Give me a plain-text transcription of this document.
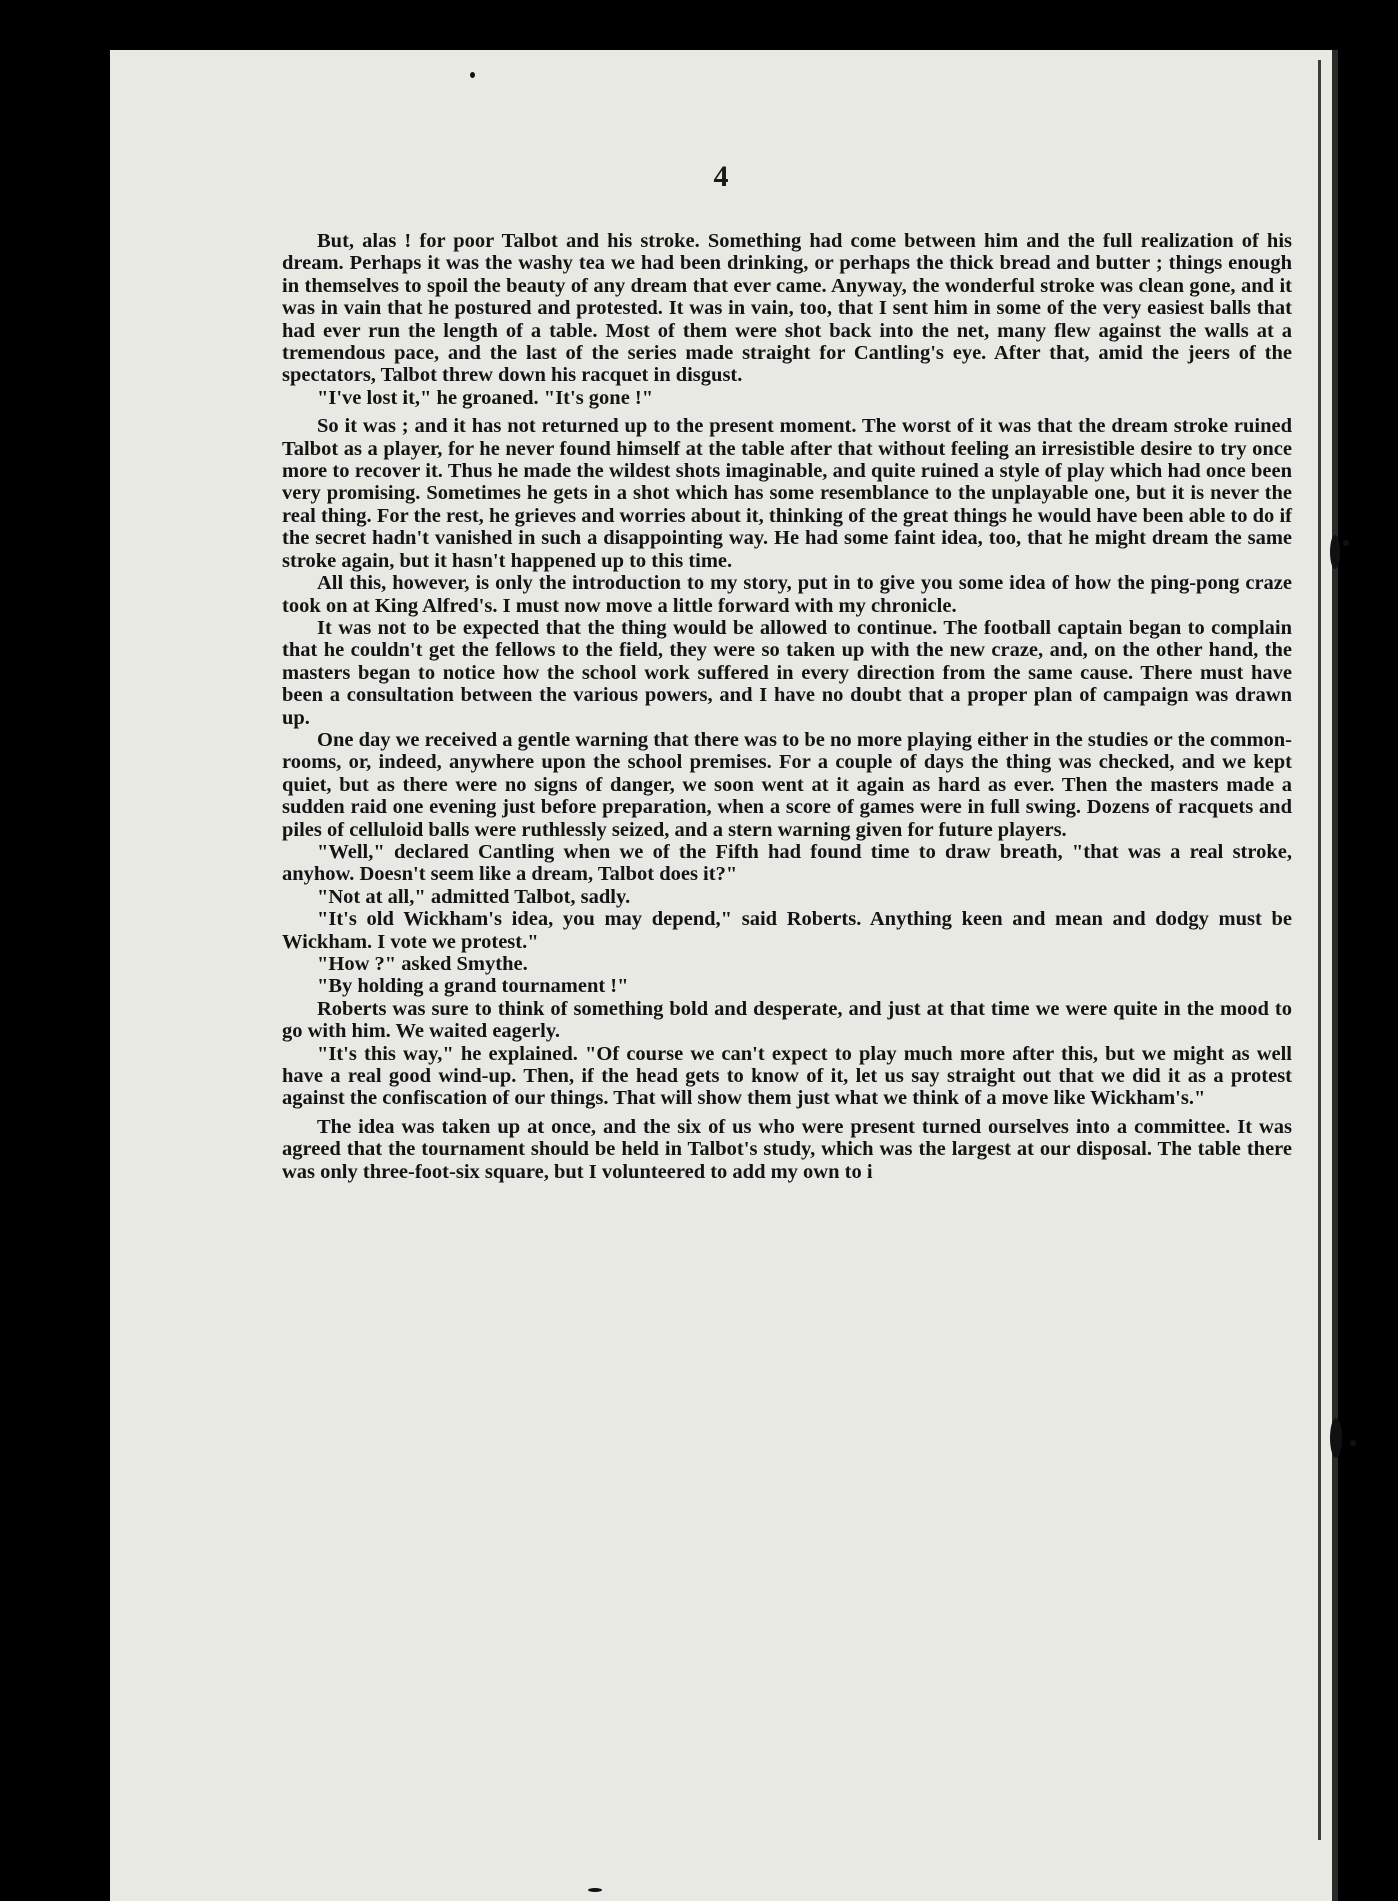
4

But, alas ! for poor Talbot and his stroke. Something had come between him and the full realization of his dream. Perhaps it was the washy tea we had been drinking, or perhaps the thick bread and butter ; things enough in themselves to spoil the beauty of any dream that ever came. Anyway, the wonderful stroke was clean gone, and it was in vain that he postured and protested. It was in vain, too, that I sent him in some of the very easiest balls that had ever run the length of a table. Most of them were shot back into the net, many flew against the walls at a tremendous pace, and the last of the series made straight for Cantling's eye. After that, amid the jeers of the spectators, Talbot threw down his racquet in disgust.

"I've lost it," he groaned. "It's gone !"

So it was ; and it has not returned up to the present moment. The worst of it was that the dream stroke ruined Talbot as a player, for he never found himself at the table after that without feeling an irresistible desire to try once more to recover it. Thus he made the wildest shots imaginable, and quite ruined a style of play which had once been very promising. Sometimes he gets in a shot which has some resemblance to the unplayable one, but it is never the real thing. For the rest, he grieves and worries about it, thinking of the great things he would have been able to do if the secret hadn't vanished in such a disappointing way. He had some faint idea, too, that he might dream the same stroke again, but it hasn't happened up to this time.

All this, however, is only the introduction to my story, put in to give you some idea of how the ping-pong craze took on at King Alfred's. I must now move a little forward with my chronicle.

It was not to be expected that the thing would be allowed to continue. The football captain began to complain that he couldn't get the fellows to the field, they were so taken up with the new craze, and, on the other hand, the masters began to notice how the school work suffered in every direction from the same cause. There must have been a consultation between the various powers, and I have no doubt that a proper plan of campaign was drawn up.

One day we received a gentle warning that there was to be no more playing either in the studies or the common-rooms, or, indeed, anywhere upon the school premises. For a couple of days the thing was checked, and we kept quiet, but as there were no signs of danger, we soon went at it again as hard as ever. Then the masters made a sudden raid one evening just before preparation, when a score of games were in full swing. Dozens of racquets and piles of celluloid balls were ruthlessly seized, and a stern warning given for future players.

"Well," declared Cantling when we of the Fifth had found time to draw breath, "that was a real stroke, anyhow. Doesn't seem like a dream, Talbot does it?"

"Not at all," admitted Talbot, sadly.

"It's old Wickham's idea, you may depend," said Roberts. Anything keen and mean and dodgy must be Wickham. I vote we protest."

"How ?" asked Smythe.

"By holding a grand tournament !"

Roberts was sure to think of something bold and desperate, and just at that time we were quite in the mood to go with him. We waited eagerly.

"It's this way," he explained. "Of course we can't expect to play much more after this, but we might as well have a real good wind-up. Then, if the head gets to know of it, let us say straight out that we did it as a protest against the confiscation of our things. That will show them just what we think of a move like Wickham's."

The idea was taken up at once, and the six of us who were present turned ourselves into a committee. It was agreed that the tournament should be held in Talbot's study, which was the largest at our disposal. The table there was only three-foot-six square, but I volunteered to add my own to i
